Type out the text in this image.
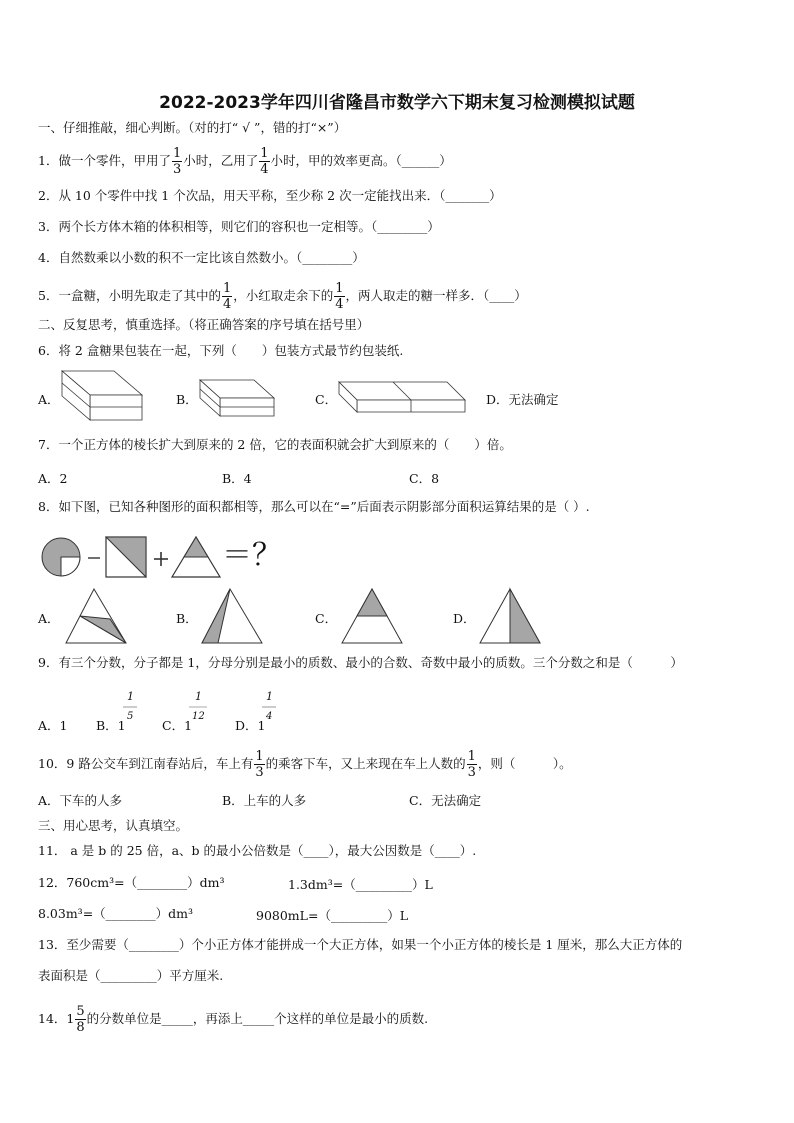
2022-2023学年四川省隆昌市数学六下期末复习检测模拟试题
一、仔细推敲，细心判断。（对的打“ √ ”，错的打“×”）
1．做一个零件，甲用了 $\frac{1}{3}$ 小时，乙用了 $\frac{1}{4}$ 小时，甲的效率更高。（______）
2．从 10 个零件中找 1 个次品，用天平称，至少称 2 次一定能找出来．（_______）
3．两个长方体木箱的体积相等，则它们的容积也一定相等。（________）
4．自然数乘以小数的积不一定比该自然数小。（________）
5．一盒糖，小明先取走了其中的 $\frac{1}{4}$ ，小红取走余下的 $\frac{1}{4}$ ，两人取走的糖一样多．（____）
二、反复思考，慎重选择。（将正确答案的序号填在括号里）
6．将 2 盒糖果包装在一起，下列（　　）包装方式最节约包装纸.
A．	B．	C．	D．无法确定
7．一个正方体的棱长扩大到原来的 2 倍，它的表面积就会扩大到原来的（　　）倍。
A．2	B．4	C．8
8．如下图，已知各种图形的面积都相等，那么可以在“=”后面表示阴影部分面积运算结果的是（ ）.
＝？
A．	B．	C．	D．
9．有三个分数，分子都是 1，分母分别是最小的质数、最小的合数、奇数中最小的质数。三个分数之和是（　　　）
A．1 B．1
1
5
C．1
1
12
D．1
1
4
10．9 路公交车到江南春站后，车上有 $\frac{1}{3}$ 的乘客下车，又上来现在车上人数的 $\frac{1}{3}$ ，则（　　　）。
A．下车的人多	B．上车的人多	C．无法确定
三、用心思考，认真填空。
11． a 是 b 的 25 倍，a、b 的最小公倍数是（____），最大公因数是（____）.
12．760cm³=（________）dm³	1.3dm³=（_________）L
8.03m³=（________）dm³	9080mL=（_________）L
13．至少需要（________）个小正方体才能拼成一个大正方体，如果一个小正方体的棱长是 1 厘米，那么大正方体的
表面积是（_________）平方厘米.
14．$1 \frac{5}{8}$ 的分数单位是_____，再添上_____个这样的单位是最小的质数.
